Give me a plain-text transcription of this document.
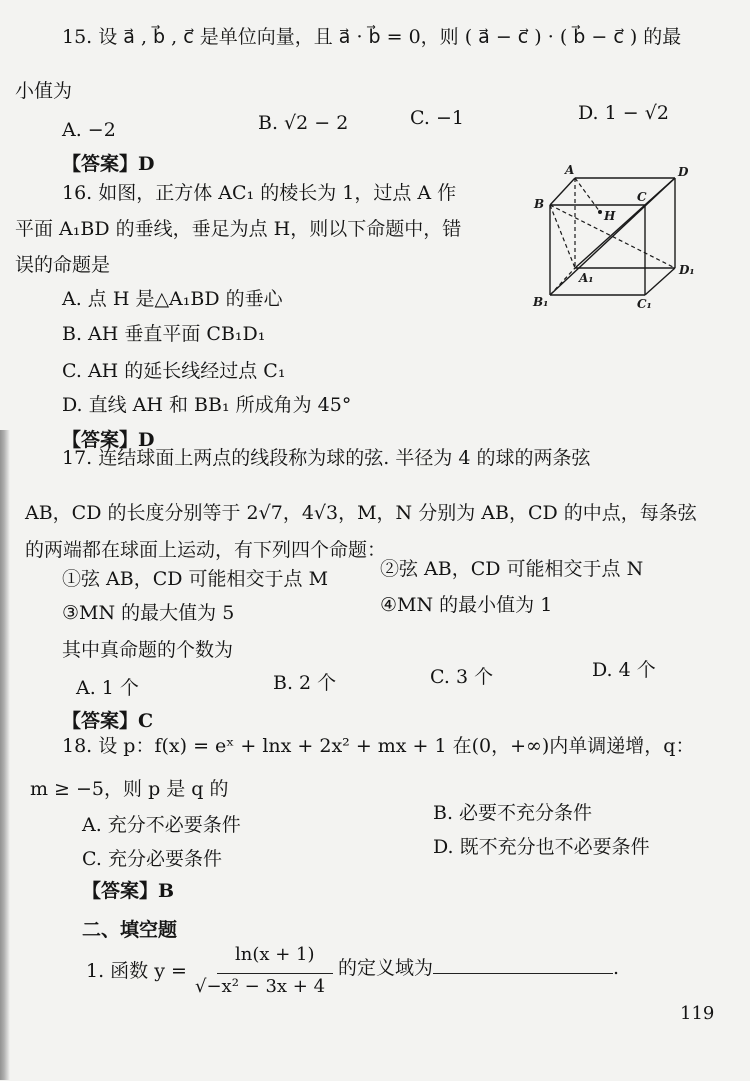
15. 设 a⃗ , b⃗ , c⃗ 是单位向量，且 a⃗ · b⃗ = 0，则 ( a⃗ − c⃗ ) · ( b⃗ − c⃗ ) 的最
小值为
A. −2	B. √2 − 2	C. −1	D. 1 − √2
【答案】D
16. 如图，正方体 AC₁ 的棱长为 1，过点 A 作
平面 A₁BD 的垂线，垂足为点 H，则以下命题中，错
误的命题是
A. 点 H 是△A₁BD 的垂心
B. AH 垂直平面 CB₁D₁
C. AH 的延长线经过点 C₁
D. 直线 AH 和 BB₁ 所成角为 45°
【答案】D
A	D
B	C
H
A₁
D₁
B₁	C₁
17. 连结球面上两点的线段称为球的弦. 半径为 4 的球的两条弦
AB，CD 的长度分别等于 2√7，4√3，M，N 分别为 AB，CD 的中点，每条弦
的两端都在球面上运动，有下列四个命题：
①弦 AB，CD 可能相交于点 M	②弦 AB，CD 可能相交于点 N
③MN 的最大值为 5	④MN 的最小值为 1
其中真命题的个数为
A. 1 个	B. 2 个	C. 3 个	D. 4 个
【答案】C
18. 设 p：f(x) = eˣ + lnx + 2x² + mx + 1 在(0，+∞)内单调递增，q：
m ≥ −5，则 p 是 q 的
A. 充分不必要条件
B. 必要不充分条件
C. 充分必要条件
D. 既不充分也不必要条件
【答案】B
二、填空题
1. 函数 y =
ln(x + 1)
√−x² − 3x + 4
的定义域为	.
119
